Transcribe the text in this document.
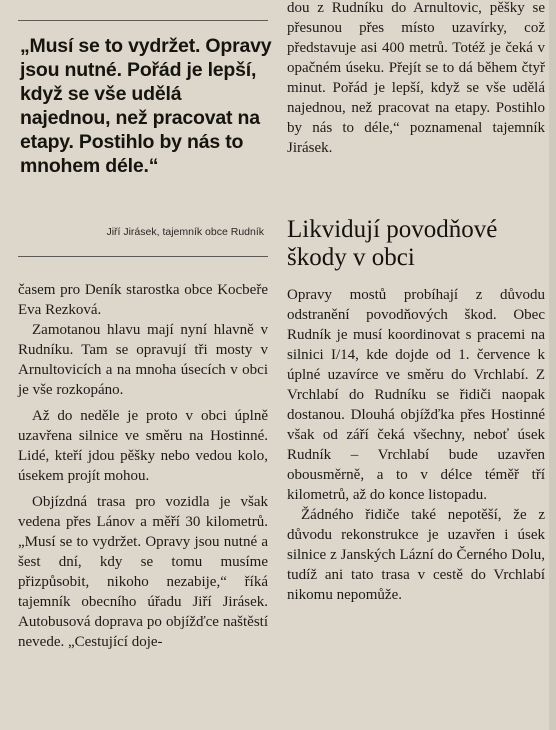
„Musí se to vydržet. Opravy jsou nutné. Pořád je lepší, když se vše udělá najednou, než pracovat na etapy. Postihlo by nás to mnohem déle.“

Jiří Jirásek, tajemník obce Rudník

časem pro Deník starostka obce Kocbeře Eva Rezková.

Zamotanou hlavu mají nyní hlavně v Rudníku. Tam se opravují tři mosty v Arnultovicích a na mnoha úsecích v obci je vše rozkopáno.

Až do neděle je proto v obci úplně uzavřena silnice ve směru na Hostinné. Lidé, kteří jdou pěšky nebo vedou kolo, úsekem projít mohou.

Objízdná trasa pro vozidla je však vedena přes Lánov a měří 30 kilometrů. „Musí se to vydržet. Opravy jsou nutné a šest dní, kdy se tomu musíme přizpůsobit, nikoho nezabije,“ říká tajemník obecního úřadu Jiří Jirásek. Autobusová doprava po objížďce naštěstí nevede. „Cestující doje-

dou z Rudníku do Arnultovic, pěšky se přesunou přes místo uzavírky, což představuje asi 400 metrů. Totéž je čeká v opačném úseku. Přejít se to dá během čtyř minut. Pořád je lepší, když se vše udělá najednou, než pracovat na etapy. Postihlo by nás to déle,“ poznamenal tajemník Jirásek.

Likvidují povodňové škody v obci

Opravy mostů probíhají z důvodu odstranění povodňových škod. Obec Rudník je musí koordinovat s pracemi na silnici I/14, kde dojde od 1. července k úplné uzavírce ve směru do Vrchlabí. Z Vrchlabí do Rudníku se řidiči naopak dostanou. Dlouhá objížďka přes Hostinné však od září čeká všechny, neboť úsek Rudník – Vrchlabí bude uzavřen obousměrně, a to v délce téměř tří kilometrů, až do konce listopadu.

Žádného řidiče také nepotěší, že z důvodu rekonstrukce je uzavřen i úsek silnice z Janských Lázní do Černého Dolu, tudíž ani tato trasa v cestě do Vrchlabí nikomu nepomůže.
